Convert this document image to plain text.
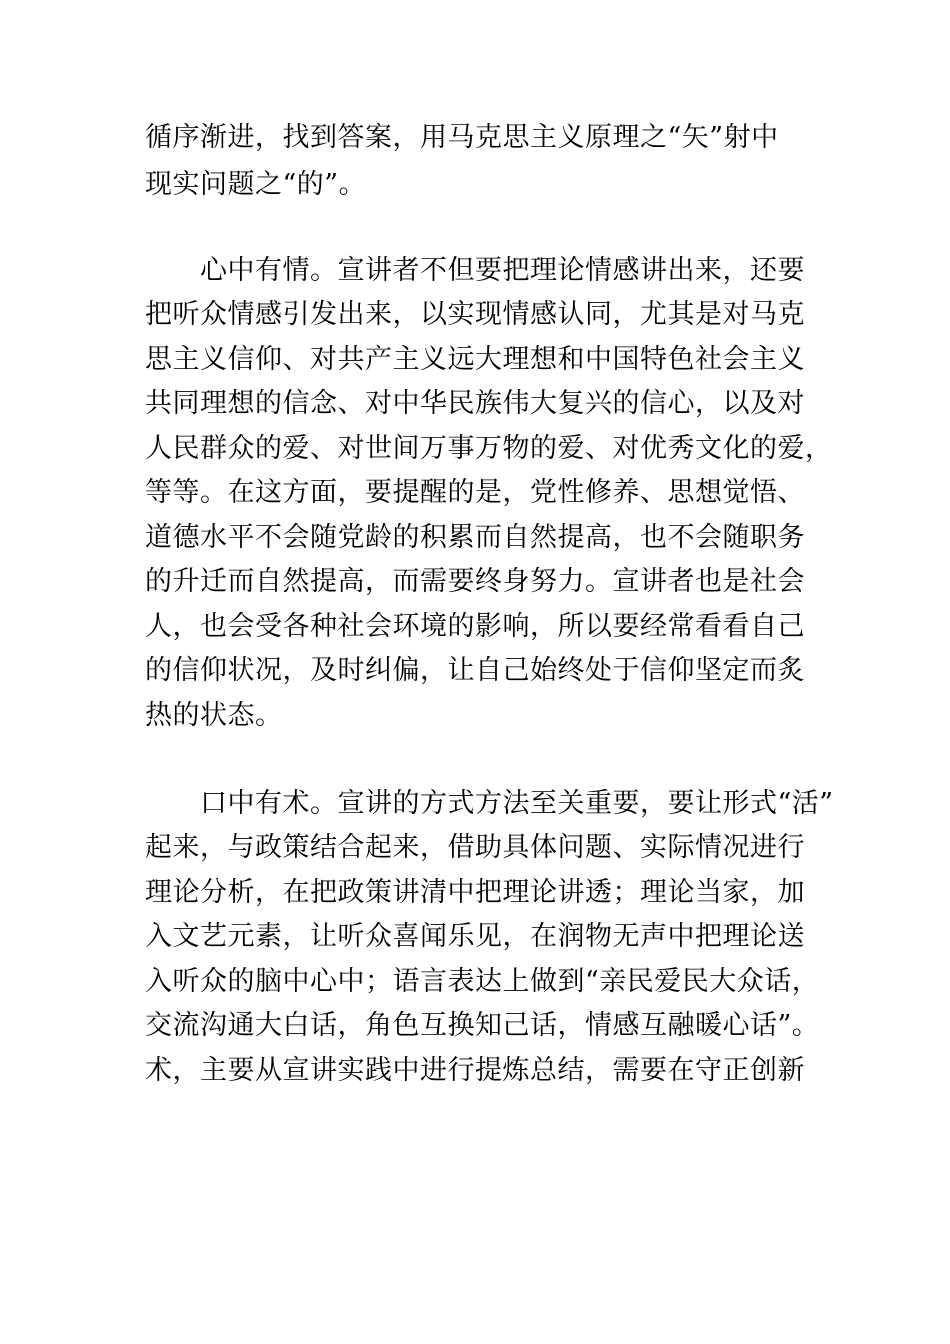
循序渐进，找到答案，用马克思主义原理之“矢”射中
现实问题之“的”。
心中有情。宣讲者不但要把理论情感讲出来，还要
把听众情感引发出来，以实现情感认同，尤其是对马克
思主义信仰、对共产主义远大理想和中国特色社会主义
共同理想的信念、对中华民族伟大复兴的信心，以及对
人民群众的爱、对世间万事万物的爱、对优秀文化的爱，
等等。在这方面，要提醒的是，党性修养、思想觉悟、
道德水平不会随党龄的积累而自然提高，也不会随职务
的升迁而自然提高，而需要终身努力。宣讲者也是社会
人，也会受各种社会环境的影响，所以要经常看看自己
的信仰状况，及时纠偏，让自己始终处于信仰坚定而炙
热的状态。
口中有术。宣讲的方式方法至关重要，要让形式“活”
起来，与政策结合起来，借助具体问题、实际情况进行
理论分析，在把政策讲清中把理论讲透；理论当家，加
入文艺元素，让听众喜闻乐见，在润物无声中把理论送
入听众的脑中心中；语言表达上做到“亲民爱民大众话，
交流沟通大白话，角色互换知己话，情感互融暖心话”。
术，主要从宣讲实践中进行提炼总结，需要在守正创新
